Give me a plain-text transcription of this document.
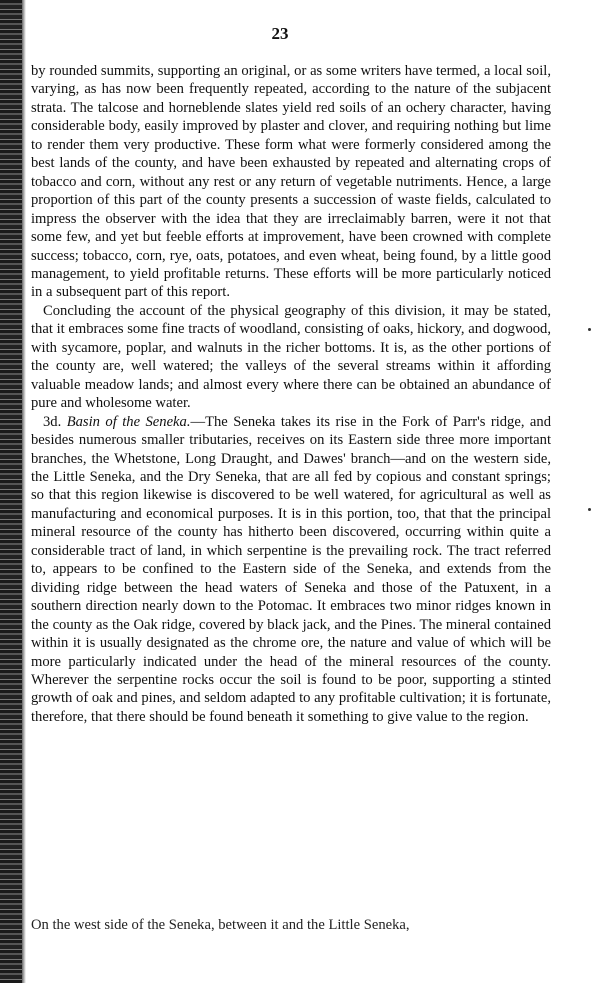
23

by rounded summits, supporting an original, or as some writers have termed, a local soil, varying, as has now been frequently repeated, according to the nature of the subjacent strata. The talcose and horneblende slates yield red soils of an ochery character, having considerable body, easily improved by plaster and clover, and requiring nothing but lime to render them very productive. These form what were formerly considered among the best lands of the county, and have been exhausted by repeated and alternating crops of tobacco and corn, without any rest or any return of vegetable nutriments. Hence, a large proportion of this part of the county presents a succession of waste fields, calculated to impress the observer with the idea that they are irreclaimably barren, were it not that some few, and yet but feeble efforts at improvement, have been crowned with complete success; tobacco, corn, rye, oats, potatoes, and even wheat, being found, by a little good management, to yield profitable returns. These efforts will be more particularly noticed in a subsequent part of this report.

Concluding the account of the physical geography of this division, it may be stated, that it embraces some fine tracts of woodland, consisting of oaks, hickory, and dogwood, with sycamore, poplar, and walnuts in the richer bottoms. It is, as the other portions of the county are, well watered; the valleys of the several streams within it affording valuable meadow lands; and almost every where there can be obtained an abundance of pure and wholesome water.

3d. Basin of the Seneka.—The Seneka takes its rise in the Fork of Parr's ridge, and besides numerous smaller tributaries, receives on its Eastern side three more important branches, the Whetstone, Long Draught, and Dawes' branch—and on the western side, the Little Seneka, and the Dry Seneka, that are all fed by copious and constant springs; so that this region likewise is discovered to be well watered, for agricultural as well as manufacturing and economical purposes. It is in this portion, too, that that the principal mineral resource of the county has hitherto been discovered, occurring within quite a considerable tract of land, in which serpentine is the prevailing rock. The tract referred to, appears to be confined to the Eastern side of the Seneka, and extends from the dividing ridge between the head waters of Seneka and those of the Patuxent, in a southern direction nearly down to the Potomac. It embraces two minor ridges known in the county as the Oak ridge, covered by black jack, and the Pines. The mineral contained within it is usually designated as the chrome ore, the nature and value of which will be more particularly indicated under the head of the mineral resources of the county. Wherever the serpentine rocks occur the soil is found to be poor, supporting a stinted growth of oak and pines, and seldom adapted to any profitable cultivation; it is fortunate, therefore, that there should be found beneath it something to give value to the region.

On the west side of the Seneka, between it and the Little Seneka,
